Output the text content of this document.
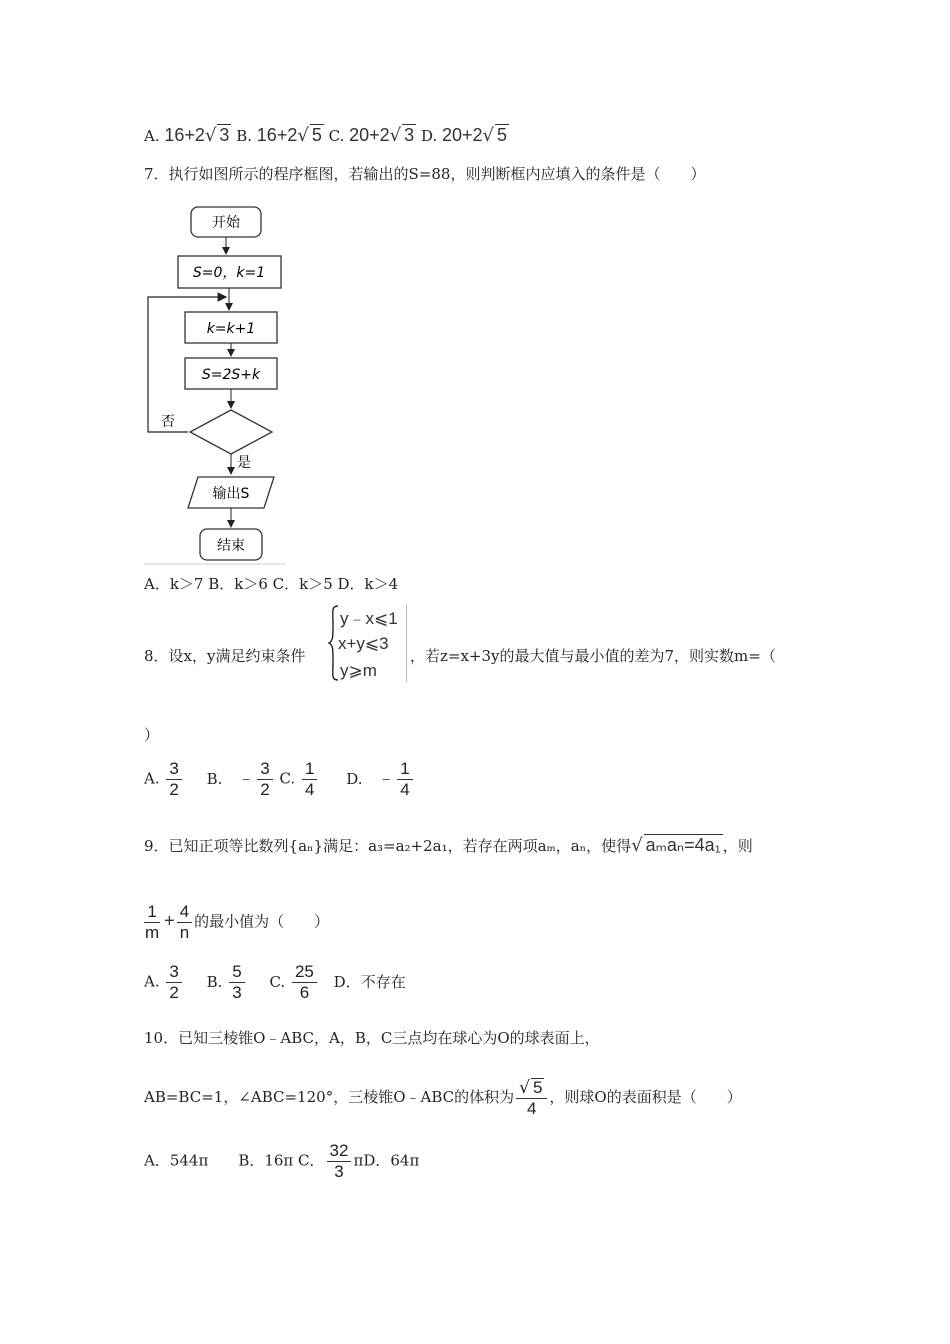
A. 16+2√ 3 B. 16+2√ 5 C. 20+2√ 3 D. 20+2√ 5
7．执行如图所示的程序框图，若输出的S=88，则判断框内应填入的条件是（　　）
开始
S=0，k=1
k=k+1
S=2S+k
否
是
输出S
结束
A．k＞7 B．k＞6 C．k＞5 D．k＞4
8．设x，y满足约束条件
y﹣x⩽1
x+y⩽3
y⩾m
，若z=x+3y的最大值与最小值的差为7，则实数m=（
）
A. $\frac{3}{2} B$. ﹣ $\frac{3}{2} C$. $\frac{1}{4} D$. ﹣ $\frac{1}{4}$
9．已知正项等比数列{aₙ}满足：a₃=a₂+2a₁，若存在两项aₘ，aₙ，使得√ aₘaₙ=4a₁ ，则
$\frac{1}{m} + \frac{4}{n}$ 的最小值为（　　）
A. $\frac{3}{2} B$. $\frac{5}{3} C$. $\frac{25}{6}$ D．不存在
10．已知三棱锥O﹣ABC，A，B，C三点均在球心为O的球表面上，
AB=BC=1，∠ABC=120°，三棱锥O﹣ABC的体积为 $\frac{√ 5}{4}$ ，则球O的表面积是（　　）
A．544π　　B．16π C． $\frac{32}{3}$ πD．64π
